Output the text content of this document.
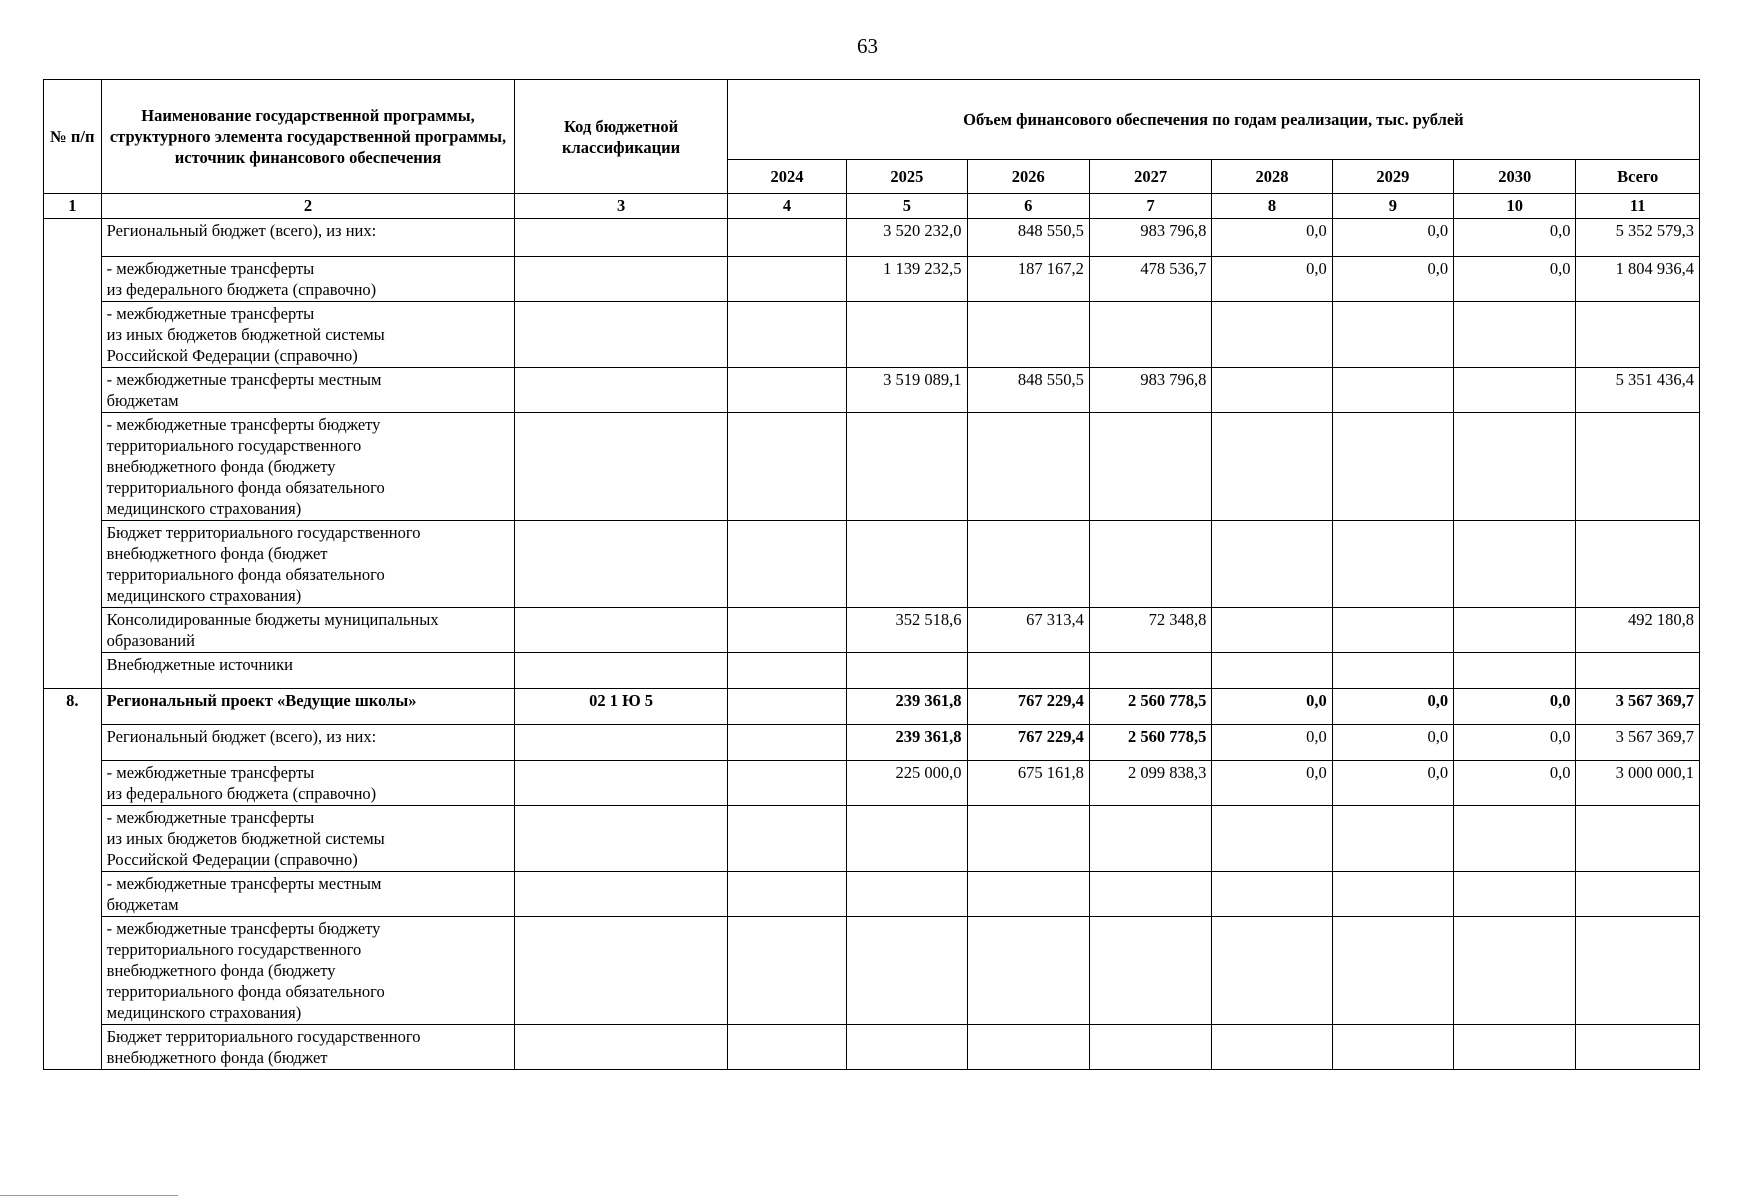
63
№ п/п	Наименование государственной программы, структурного элемента государственной программы, источник финансового обеспечения	Код бюджетной классификации	Объем финансового обеспечения по годам реализации, тыс. рублей							
			2024	2025	2026	2027	2028	2029	2030	Всего
1	2	3	4	5	6	7	8	9	10	11
	Региональный бюджет (всего), из них:			3 520 232,0	848 550,5	983 796,8	0,0	0,0	0,0	5 352 579,3
	- межбюджетные трансферты
из федерального бюджета (справочно)			1 139 232,5	187 167,2	478 536,7	0,0	0,0	0,0	1 804 936,4
	- межбюджетные трансферты
из иных бюджетов бюджетной системы
Российской Федерации (справочно)									
	- межбюджетные трансферты местным
бюджетам			3 519 089,1	848 550,5	983 796,8				5 351 436,4
	- межбюджетные трансферты бюджету
территориального государственного
внебюджетного фонда (бюджету
территориального фонда обязательного
медицинского страхования)									
	Бюджет территориального государственного
внебюджетного фонда (бюджет
территориального фонда обязательного
медицинского страхования)									
	Консолидированные бюджеты муниципальных
образований			352 518,6	67 313,4	72 348,8				492 180,8
	Внебюджетные источники									
8.	Региональный проект «Ведущие школы»	02 1 Ю 5		239 361,8	767 229,4	2 560 778,5	0,0	0,0	0,0	3 567 369,7
	Региональный бюджет (всего), из них:			239 361,8	767 229,4	2 560 778,5	0,0	0,0	0,0	3 567 369,7
	- межбюджетные трансферты
из федерального бюджета (справочно)			225 000,0	675 161,8	2 099 838,3	0,0	0,0	0,0	3 000 000,1
	- межбюджетные трансферты
из иных бюджетов бюджетной системы
Российской Федерации (справочно)									
	- межбюджетные трансферты местным
бюджетам									
	- межбюджетные трансферты бюджету
территориального государственного
внебюджетного фонда (бюджету
территориального фонда обязательного
медицинского страхования)									
	Бюджет территориального государственного
внебюджетного фонда (бюджет									
